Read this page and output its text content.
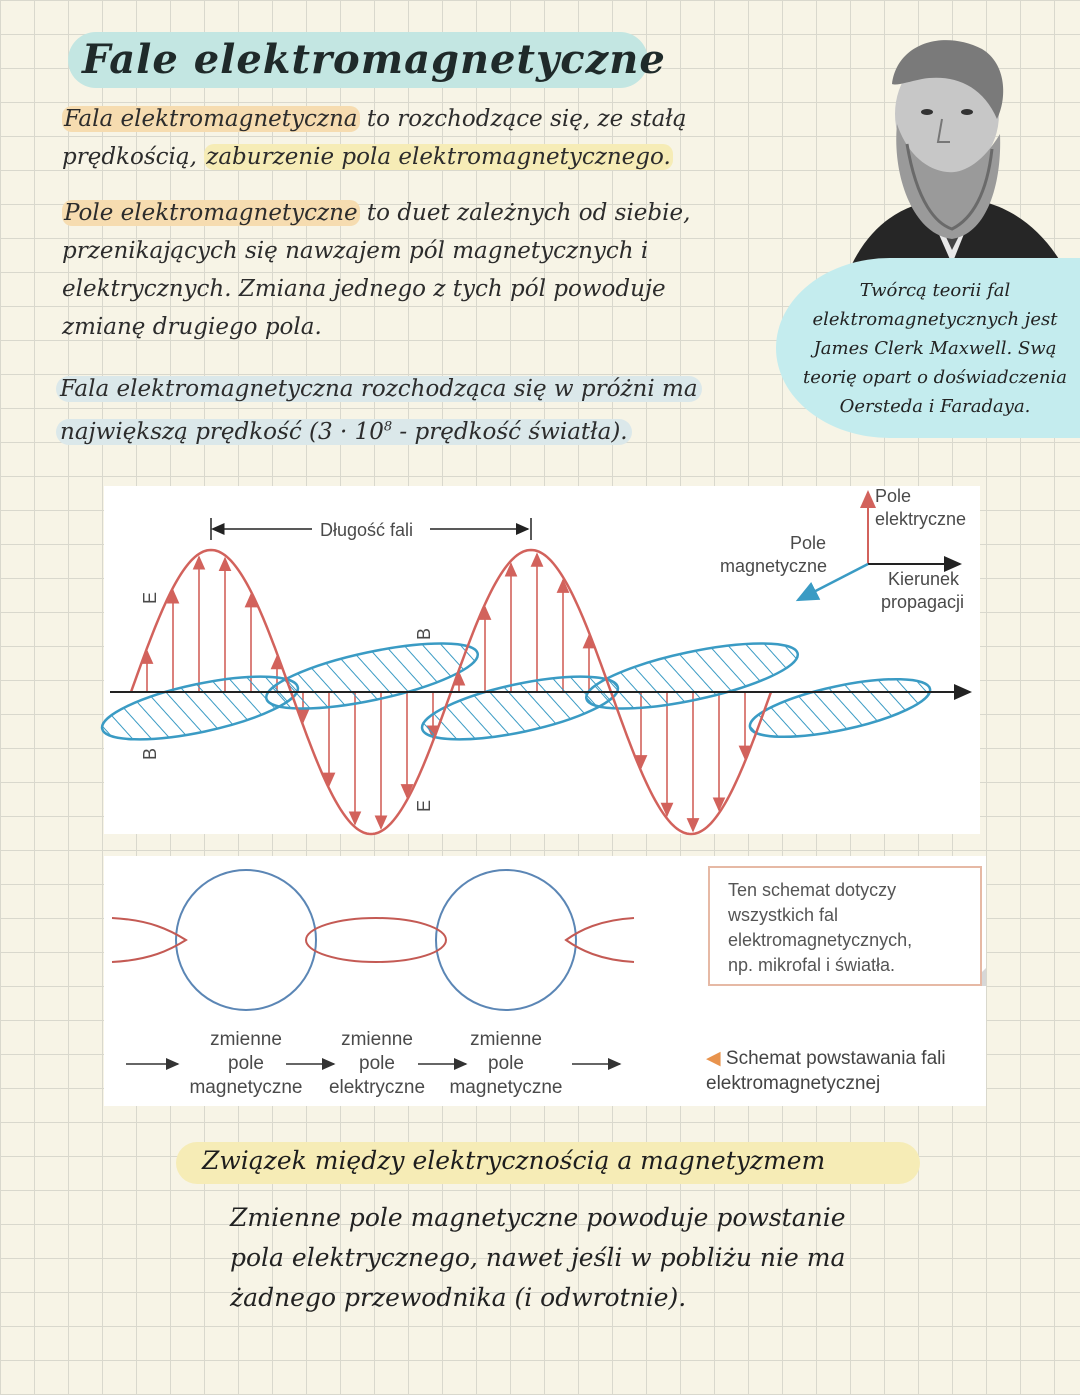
Fale elektromagnetyczne
Fala elektromagnetyczna to rozchodzące się, ze stałą
prędkością, zaburzenie pola elektromagnetycznego.
Pole elektromagnetyczne to duet zależnych od siebie,
przenikających się nawzajem pól magnetycznych i
elektrycznych. Zmiana jednego z tych pól powoduje
zmianę drugiego pola.
Fala elektromagnetyczna rozchodząca się w próżni ma
największą prędkość ($3 \cdot 10^8$ - prędkość światła).
Twórcą teorii fal
elektromagnetycznych jest
James Clerk Maxwell. Swą
teorię opart o doświadczenia
Oersteda i Faradaya.
Długość fali
E
B
B
E
Pole magnetyczne
Pole elektryczne
Kierunek propagacji
zmienne
pole
magnetyczne
zmienne
pole
elektryczne
zmienne
pole
magnetyczne
Ten schemat dotyczy
wszystkich fal
elektromagnetycznych,
np. mikrofal i światła.
◀ Schemat powstawania fali
elektromagnetycznej
Związek między elektrycznością a magnetyzmem
Zmienne pole magnetyczne powoduje powstanie
pola elektrycznego, nawet jeśli w pobliżu nie ma
żadnego przewodnika (i odwrotnie).
